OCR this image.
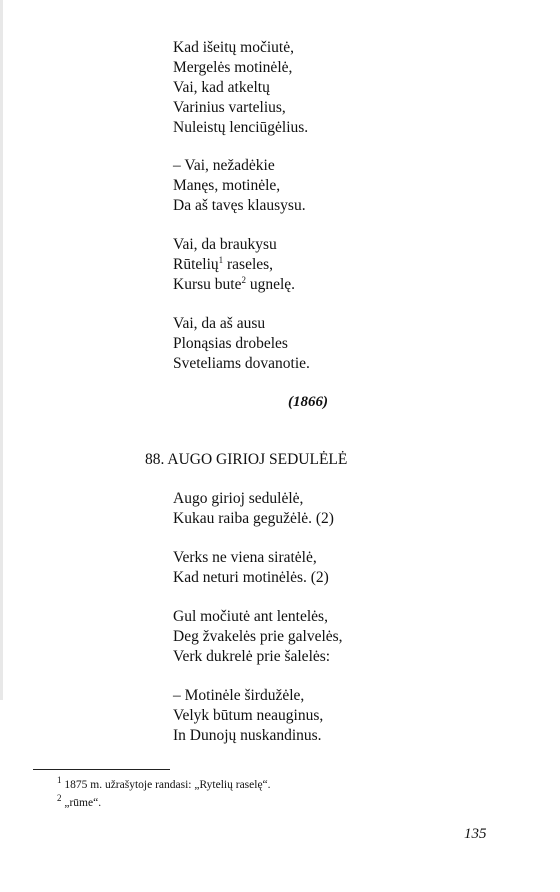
Kad išeitų močiutė,
Mergelės motinėlė,
Vai, kad atkeltų
Varinius vartelius,
Nuleistų lenciūgėlius.
– Vai, nežadėkie
Manęs, motinėle,
Da aš tavęs klausysu.
Vai, da braukysu
Rūtelių$^1$ raseles,
Kursu bute$^2$ ugnelę.
Vai, da aš ausu
Plonąsias drobeles
Sveteliams dovanotie.
(1866)
88. AUGO GIRIOJ SEDULĖLĖ
Augo girioj sedulėlė,
Kukau raiba gegužėlė. (2)
Verks ne viena siratėlė,
Kad neturi motinėlės. (2)
Gul močiutė ant lentelės,
Deg žvakelės prie galvelės,
Verk dukrelė prie šalelės:
– Motinėle širdužėle,
Velyk būtum neauginus,
In Dunojų nuskandinus.
$^1$ 1875 m. užrašytoje randasi: „Rytelių raselę“.
$^2$ „rūme“.
135
